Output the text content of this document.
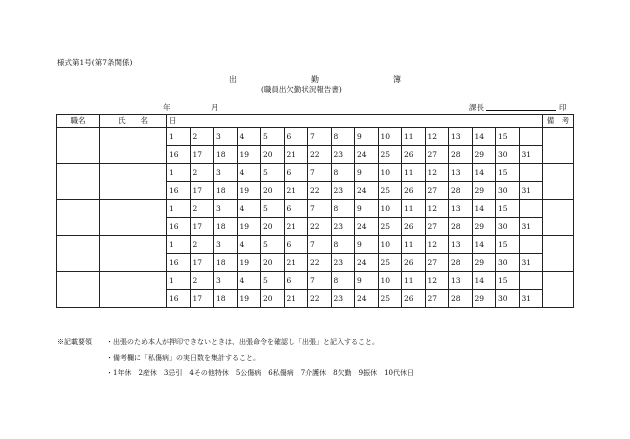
様式第1号(第7条関係)
出	勤	簿
(職員出欠勤状況報告書)
年	月	課長	印
職名	氏　　名	日																備　考
		1	2	3	4	5	6	7	8	9	10	11	12	13	14	15		
		16	17	18	19	20	21	22	23	24	25	26	27	28	29	30	31	
		1	2	3	4	5	6	7	8	9	10	11	12	13	14	15		
		16	17	18	19	20	21	22	23	24	25	26	27	28	29	30	31	
		1	2	3	4	5	6	7	8	9	10	11	12	13	14	15		
		16	17	18	19	20	21	22	23	24	25	26	27	28	29	30	31	
		1	2	3	4	5	6	7	8	9	10	11	12	13	14	15		
		16	17	18	19	20	21	22	23	24	25	26	27	28	29	30	31	
		1	2	3	4	5	6	7	8	9	10	11	12	13	14	15		
		16	17	18	19	20	21	22	23	24	25	26	27	28	29	30	31	
※記載要領 ・出張のため本人が押印できないときは、出張命令を確認し「出張」と記入すること。
・備考欄に「私傷病」の実日数を集計すること。
・1年休　2産休　3忌引　4その他特休　5公傷病　6私傷病　7介護休　8欠勤　9振休　10代休日
